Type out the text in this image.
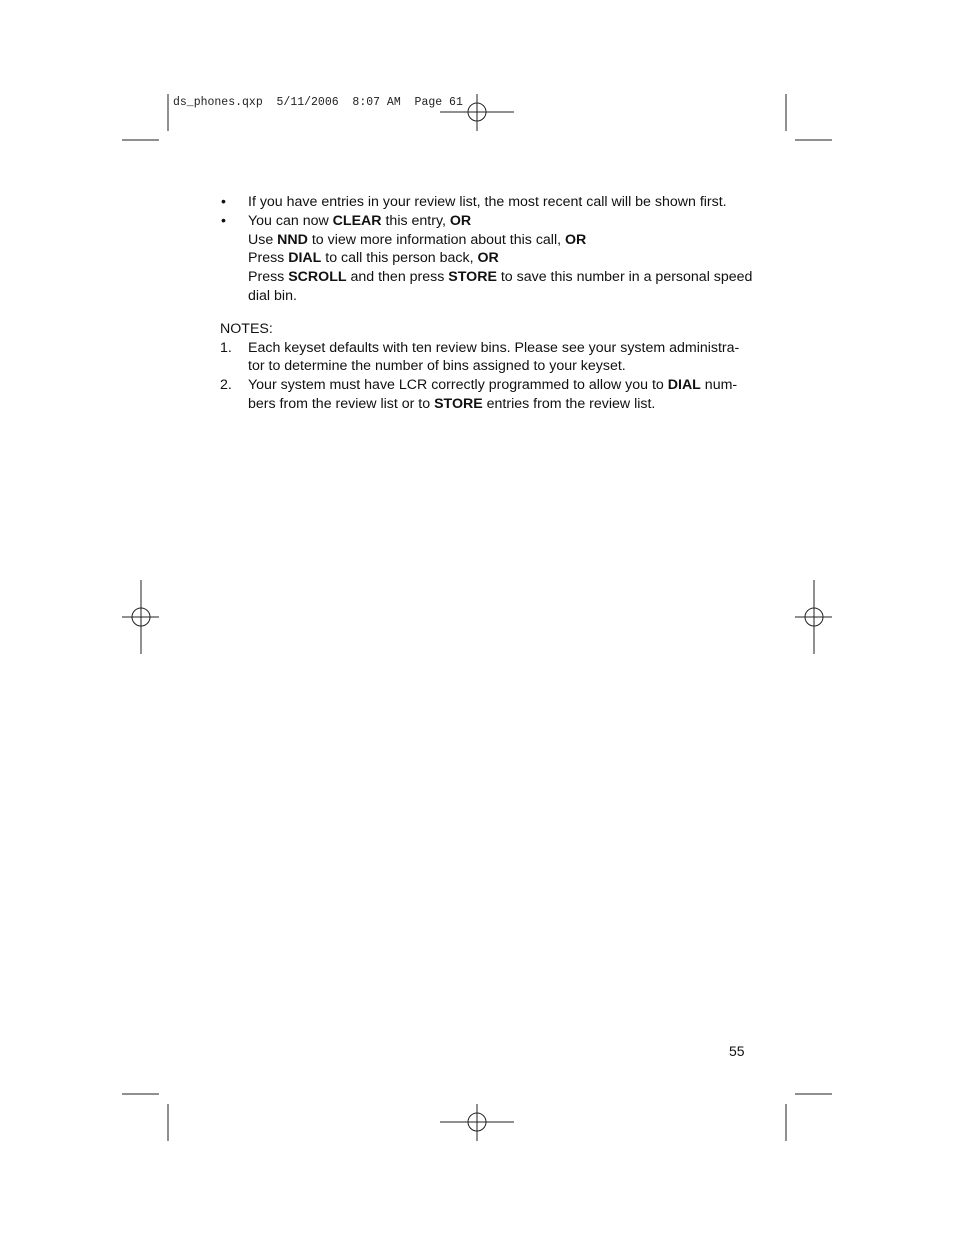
ds_phones.qxp  5/11/2006  8:07 AM  Page 61
• If you have entries in your review list, the most recent call will be shown first.
• You can now CLEAR this entry, OR
Use NND to view more information about this call, OR
Press DIAL to call this person back, OR
Press SCROLL and then press STORE to save this number in a personal speed
dial bin.
NOTES:
1. Each keyset defaults with ten review bins. Please see your system administra-
tor to determine the number of bins assigned to your keyset.
2. Your system must have LCR correctly programmed to allow you to DIAL num-
bers from the review list or to STORE entries from the review list.
55
